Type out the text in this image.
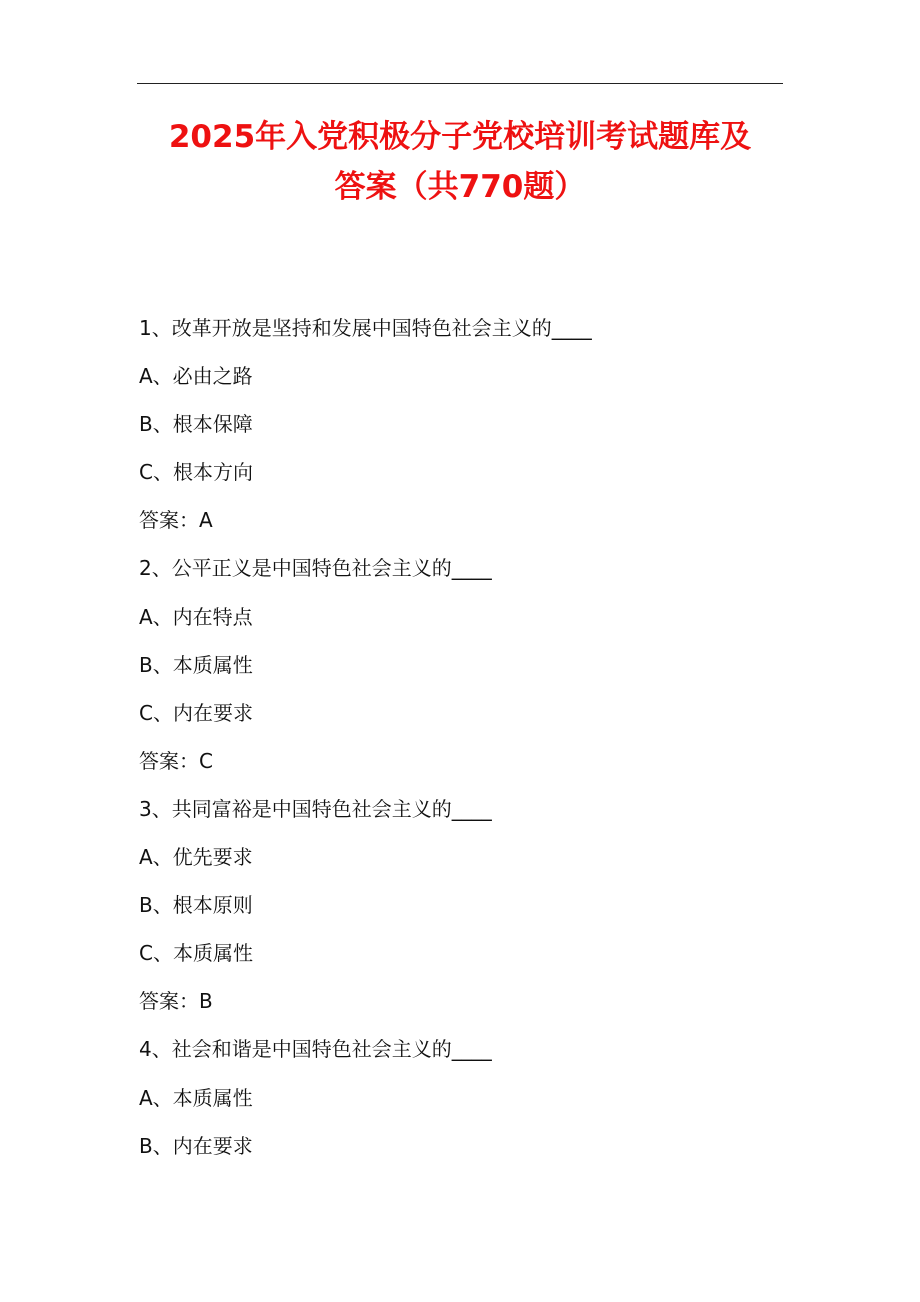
2025年入党积极分子党校培训考试题库及
答案（共770题）
1、改革开放是坚持和发展中国特色社会主义的____
A、必由之路
B、根本保障
C、根本方向
答案：A
2、公平正义是中国特色社会主义的____
A、内在特点
B、本质属性
C、内在要求
答案：C
3、共同富裕是中国特色社会主义的____
A、优先要求
B、根本原则
C、本质属性
答案：B
4、社会和谐是中国特色社会主义的____
A、本质属性
B、内在要求
